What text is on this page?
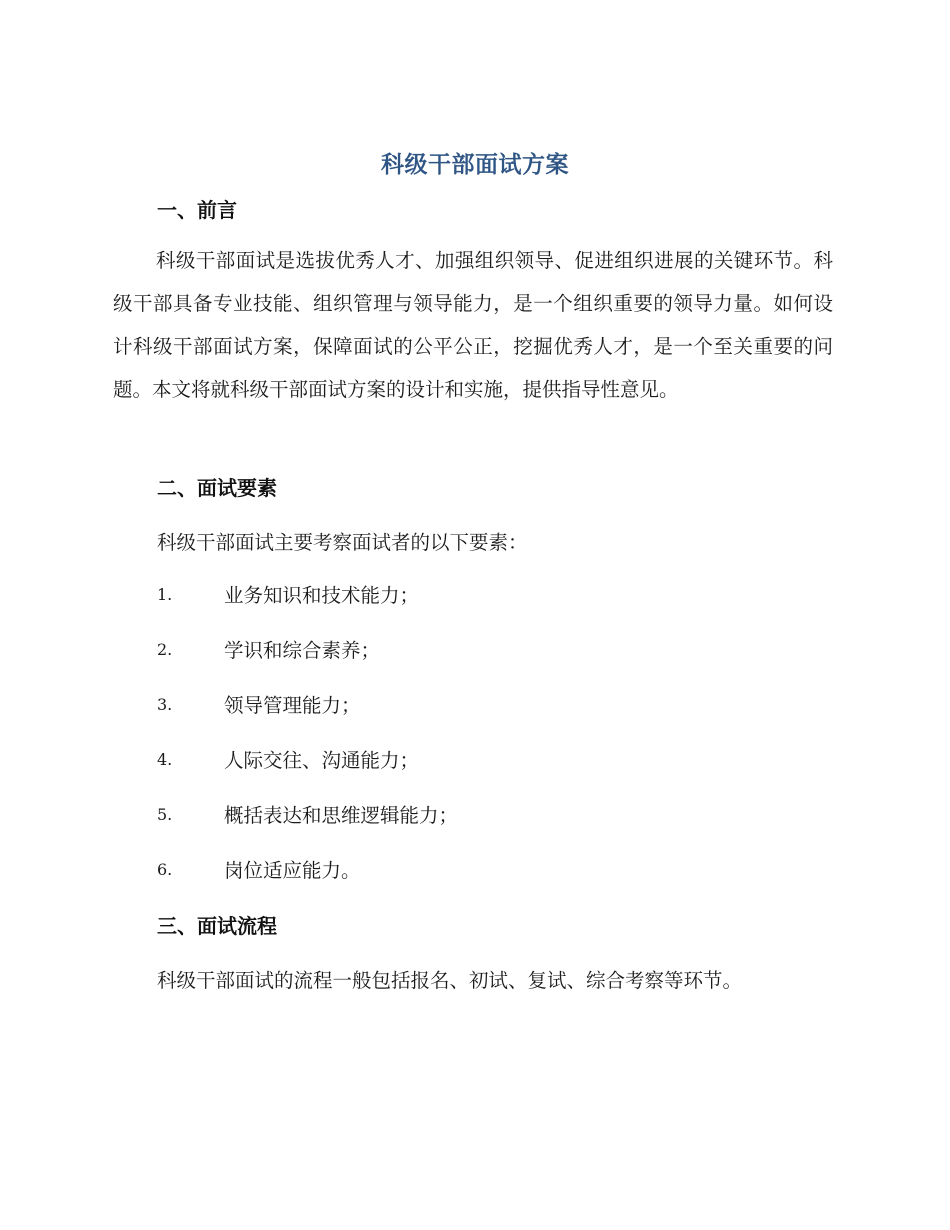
科级干部面试方案
一、前言
科级干部面试是选拔优秀人才、加强组织领导、促进组织进展的关键环节。科级干部具备专业技能、组织管理与领导能力，是一个组织重要的领导力量。如何设计科级干部面试方案，保障面试的公平公正，挖掘优秀人才，是一个至关重要的问题。本文将就科级干部面试方案的设计和实施，提供指导性意见。
二、面试要素
科级干部面试主要考察面试者的以下要素：
1.	业务知识和技术能力；
2.	学识和综合素养；
3.	领导管理能力；
4.	人际交往、沟通能力；
5.	概括表达和思维逻辑能力；
6.	岗位适应能力。
三、面试流程
科级干部面试的流程一般包括报名、初试、复试、综合考察等环节。
